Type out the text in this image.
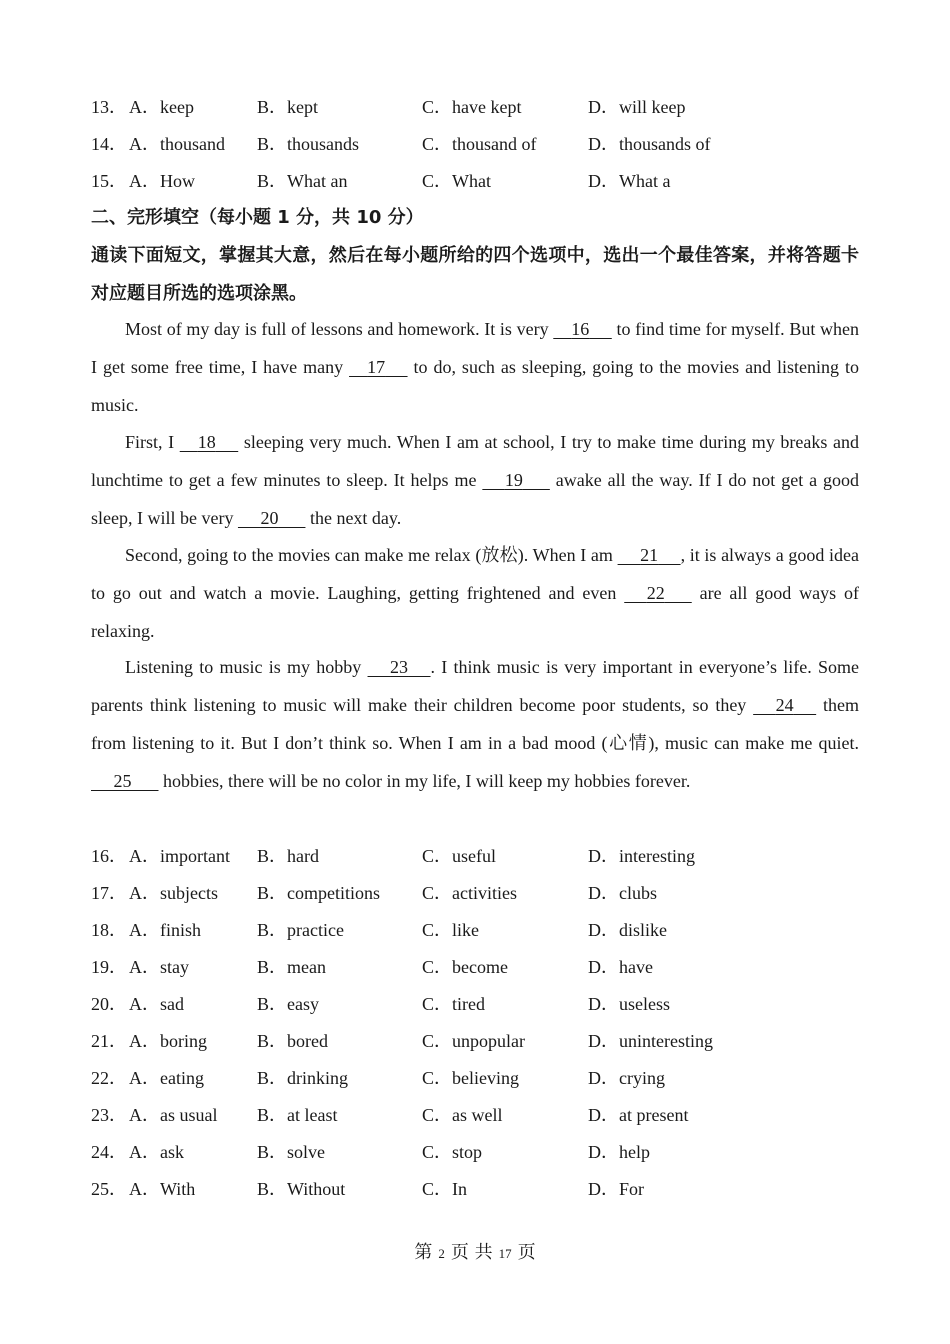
13． A．keep	B．kept	C．have kept	D．will keep
14． A．thousand B．thousands	C．thousand of	D．thousands of
15． A．How	B．What an	C．What	D．What a
二、完形填空（每小题 1 分，共 10 分）
通读下面短文，掌握其大意，然后在每小题所给的四个选项中，选出一个最佳答案，并将答题卡对应题目所选的选项涂黑。
Most of my day is full of lessons and homework. It is very     16      to find time for myself. But when I get some free time, I have many     17      to do, such as sleeping, going to the movies and listening to music.
First, I     18      sleeping very much. When I am at school, I try to make time during my breaks and lunchtime to get a few minutes to sleep. It helps me      19       awake all the way. If I do not get a good sleep, I will be very      20       the next day.
Second, going to the movies can make me relax (放松). When I am      21 , it is always a good idea to go out and watch a movie. Laughing, getting frightened and even      22       are all good ways of relaxing.
Listening to music is my hobby      23 . I think music is very important in everyone’s life. Some parents think listening to music will make their children become poor students, so they      24      them from listening to it. But I don’t think so. When I am in a bad mood (心情), music can make me quiet.      25       hobbies, there will be no color in my life, I will keep my hobbies forever.
16． A．important B．hard	C．useful	D．interesting
17． A．subjects B．competitions C．activities	D．clubs
18． A．finish	B．practice	C．like	D．dislike
19． A．stay	B．mean	C．become	D．have
20． A．sad	B．easy	C．tired	D．useless
21． A．boring	B．bored	C．unpopular	D．uninteresting
22． A．eating	B．drinking	C．believing	D．crying
23． A．as usual B．at least	C．as well	D．at present
24． A．ask	B．solve	C．stop	D．help
25． A．With	B．Without	C．In	D．For
第 2 页 共 17 页
